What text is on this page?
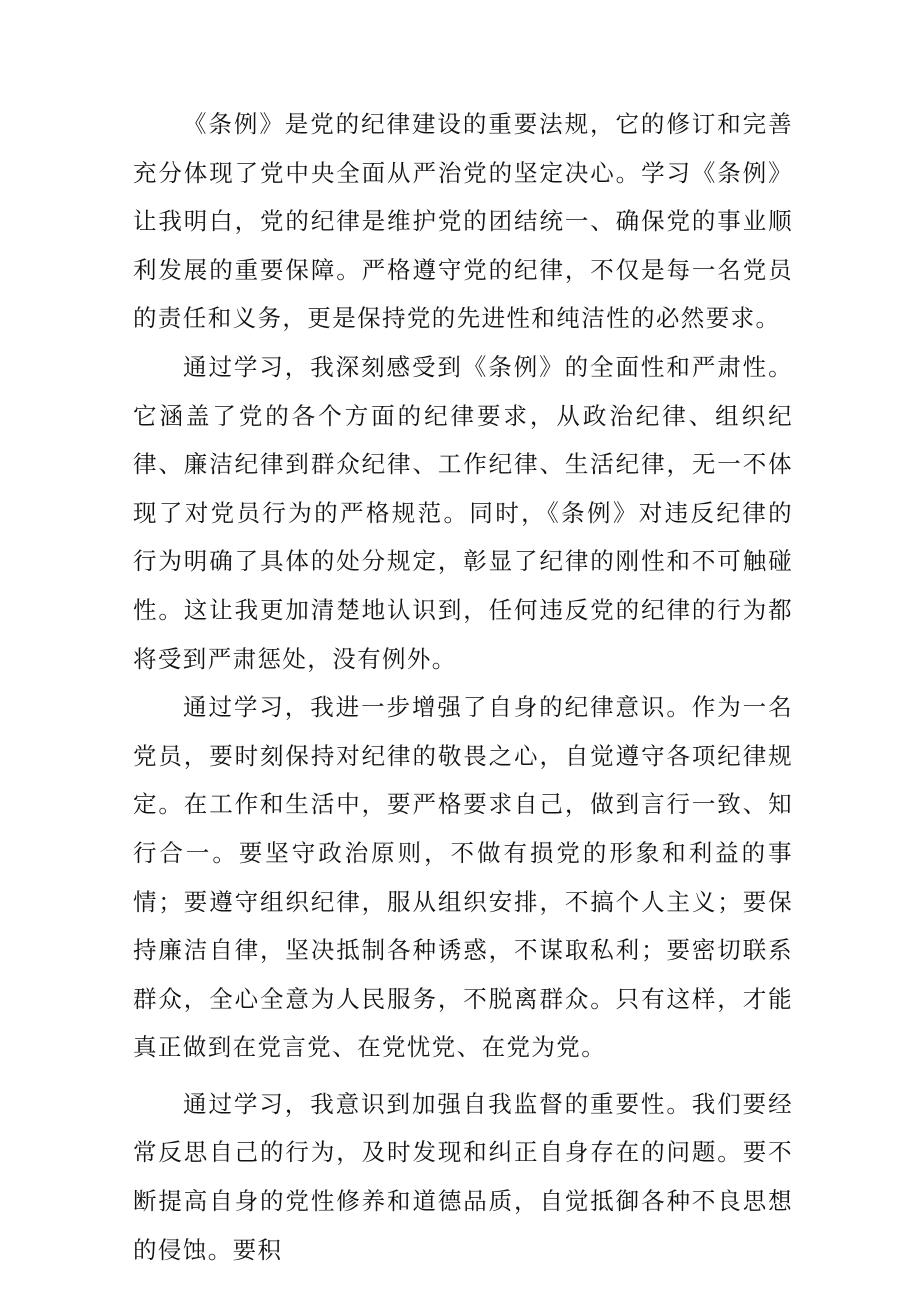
《条例》是党的纪律建设的重要法规，它的修订和完善充分体现了党中央全面从严治党的坚定决心。学习《条例》让我明白，党的纪律是维护党的团结统一、确保党的事业顺利发展的重要保障。严格遵守党的纪律，不仅是每一名党员的责任和义务，更是保持党的先进性和纯洁性的必然要求。

通过学习，我深刻感受到《条例》的全面性和严肃性。它涵盖了党的各个方面的纪律要求，从政治纪律、组织纪律、廉洁纪律到群众纪律、工作纪律、生活纪律，无一不体现了对党员行为的严格规范。同时，《条例》对违反纪律的行为明确了具体的处分规定，彰显了纪律的刚性和不可触碰性。这让我更加清楚地认识到，任何违反党的纪律的行为都将受到严肃惩处，没有例外。

通过学习，我进一步增强了自身的纪律意识。作为一名党员，要时刻保持对纪律的敬畏之心，自觉遵守各项纪律规定。在工作和生活中，要严格要求自己，做到言行一致、知行合一。要坚守政治原则，不做有损党的形象和利益的事情；要遵守组织纪律，服从组织安排，不搞个人主义；要保持廉洁自律，坚决抵制各种诱惑，不谋取私利；要密切联系群众，全心全意为人民服务，不脱离群众。只有这样，才能真正做到在党言党、在党忧党、在党为党。

通过学习，我意识到加强自我监督的重要性。我们要经常反思自己的行为，及时发现和纠正自身存在的问题。要不断提高自身的党性修养和道德品质，自觉抵御各种不良思想的侵蚀。要积
